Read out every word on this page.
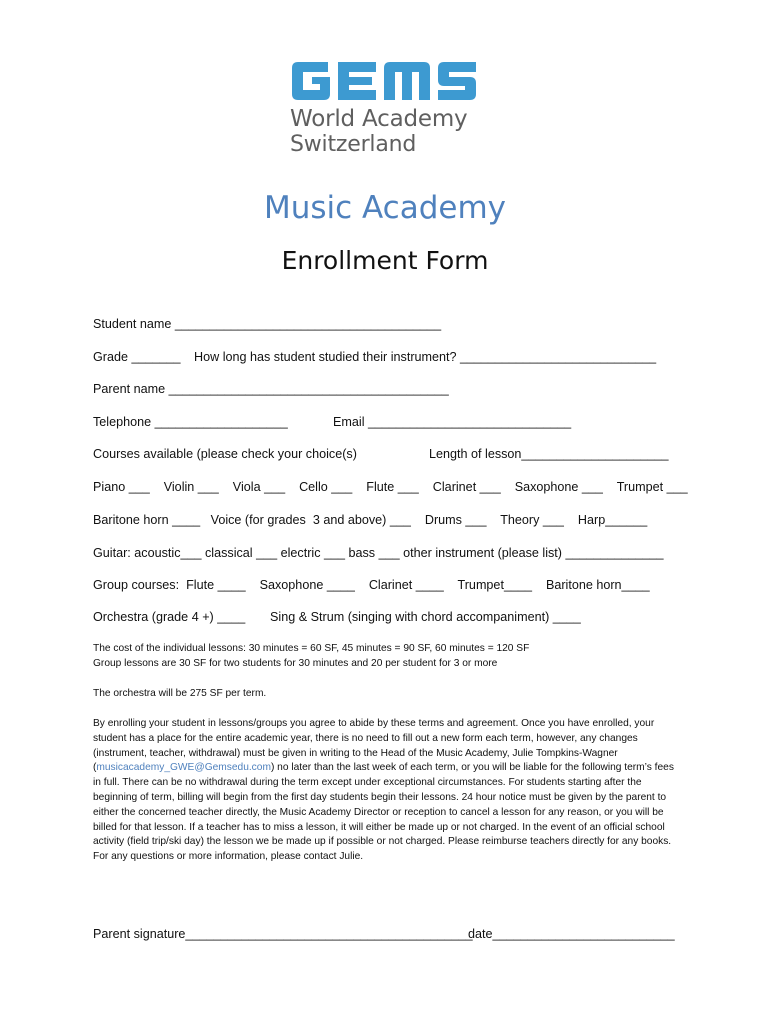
World Academy
Switzerland
Music Academy
Enrollment Form
Student name ______________________________________
Grade _______ How long has student studied their instrument? ____________________________
Parent name ________________________________________
Telephone ___________________	Email _____________________________
Courses available (please check your choice(s)	Length of lesson_____________________
Piano ___    Violin ___    Viola ___    Cello ___    Flute ___    Clarinet ___    Saxophone ___    Trumpet ___
Baritone horn ____   Voice (for grades  3 and above) ___    Drums ___    Theory ___    Harp______
Guitar: acoustic___ classical ___ electric ___ bass ___ other instrument (please list) ______________
Group courses:  Flute ____    Saxophone ____    Clarinet ____    Trumpet____    Baritone horn____
Orchestra (grade 4 +) ____ Sing & Strum (singing with chord accompaniment) ____
The cost of the individual lessons: 30 minutes = 60 SF, 45 minutes = 90 SF, 60 minutes = 120 SF
Group lessons are 30 SF for two students for 30 minutes and 20 per student for 3 or more
The orchestra will be 275 SF per term.
By enrolling your student in lessons/groups you agree to abide by these terms and agreement. Once you have enrolled, your student has a place for the entire academic year, there is no need to fill out a new form each term, however, any changes (instrument, teacher, withdrawal) must be given in writing to the Head of the Music Academy, Julie Tompkins-Wagner (musicacademy_GWE@Gemsedu.com) no later than the last week of each term, or you will be liable for the following term’s fees in full. There can be no withdrawal during the term except under exceptional circumstances. For students starting after the beginning of term, billing will begin from the first day students begin their lessons. 24 hour notice must be given by the parent to either the concerned teacher directly, the Music Academy Director or reception to cancel a lesson for any reason, or you will be billed for that lesson. If a teacher has to miss a lesson, it will either be made up or not charged. In the event of an official school activity (field trip/ski day) the lesson we be made up if possible or not charged. Please reimburse teachers directly for any books. For any questions or more information, please contact Julie.
Parent signature_________________________________________
date__________________________
